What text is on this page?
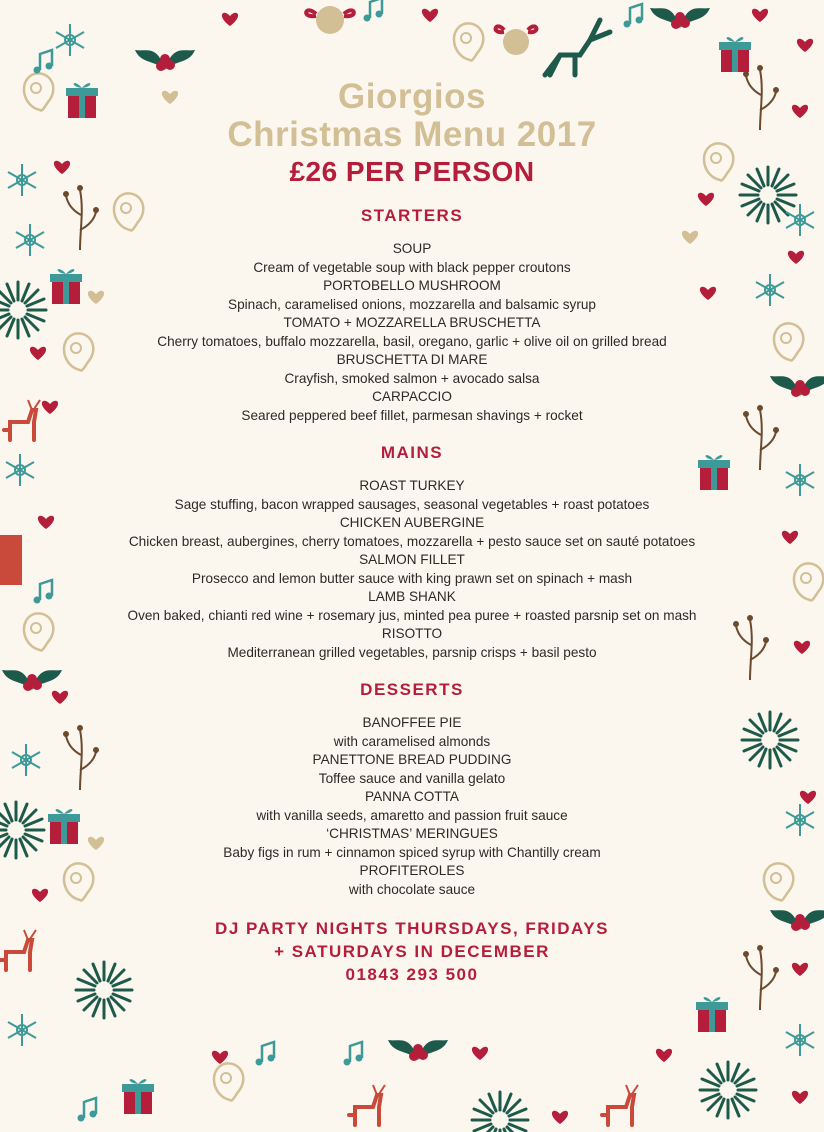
Giorgios
Christmas Menu 2017
£26 PER PERSON
STARTERS
SOUP
Cream of vegetable soup with black pepper croutons
PORTOBELLO MUSHROOM
Spinach, caramelised onions, mozzarella and balsamic syrup
TOMATO + MOZZARELLA BRUSCHETTA
Cherry tomatoes, buffalo mozzarella, basil, oregano, garlic + olive oil on grilled bread
BRUSCHETTA DI MARE
Crayfish, smoked salmon + avocado salsa
CARPACCIO
Seared peppered beef fillet, parmesan shavings + rocket
MAINS
ROAST TURKEY
Sage stuffing, bacon wrapped sausages, seasonal vegetables + roast potatoes
CHICKEN AUBERGINE
Chicken breast, aubergines, cherry tomatoes, mozzarella + pesto sauce set on sauté potatoes
SALMON FILLET
Prosecco and lemon butter sauce with king prawn set on spinach + mash
LAMB SHANK
Oven baked, chianti red wine + rosemary jus, minted pea puree + roasted parsnip set on mash
RISOTTO
Mediterranean grilled vegetables, parsnip crisps + basil pesto
DESSERTS
BANOFFEE PIE
with caramelised almonds
PANETTONE BREAD PUDDING
Toffee sauce and vanilla gelato
PANNA COTTA
with vanilla seeds, amaretto and passion fruit sauce
‘CHRISTMAS’ MERINGUES
Baby figs in rum + cinnamon spiced syrup with Chantilly cream
PROFITEROLES
with chocolate sauce
DJ PARTY NIGHTS THURSDAYS, FRIDAYS
+ SATURDAYS IN DECEMBER
01843 293 500
